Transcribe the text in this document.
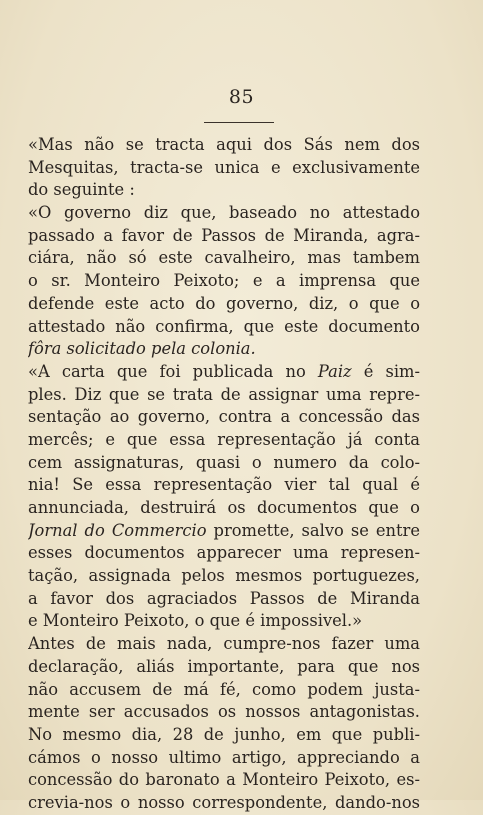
85
«Mas não se tracta aqui dos Sás nem dos
Mesquitas, tracta-se unica e exclusivamente
do seguinte :
«O governo diz que, baseado no attestado
passado a favor de Passos de Miranda, agra-
ciára, não só este cavalheiro, mas tambem
o sr. Monteiro Peixoto; e a imprensa que
defende este acto do governo, diz, o que o
attestado não confirma, que este documento
fôra solicitado pela colonia.
«A carta que foi publicada no Paiz é sim-
ples. Diz que se trata de assignar uma repre-
sentação ao governo, contra a concessão das
mercês; e que essa representação já conta
cem assignaturas, quasi o numero da colo-
nia! Se essa representação vier tal qual é
annunciada, destruirá os documentos que o
Jornal do Commercio promette, salvo se entre
esses documentos apparecer uma represen-
tação, assignada pelos mesmos portuguezes,
a favor dos agraciados Passos de Miranda
e Monteiro Peixoto, o que é impossivel.»
Antes de mais nada, cumpre-nos fazer uma
declaração, aliás importante, para que nos
não accusem de má fé, como podem justa-
mente ser accusados os nossos antagonistas.
No mesmo dia, 28 de junho, em que publi-
cámos o nosso ultimo artigo, appreciando a
concessão do baronato a Monteiro Peixoto, es-
crevia-nos o nosso correspondente, dando-nos
